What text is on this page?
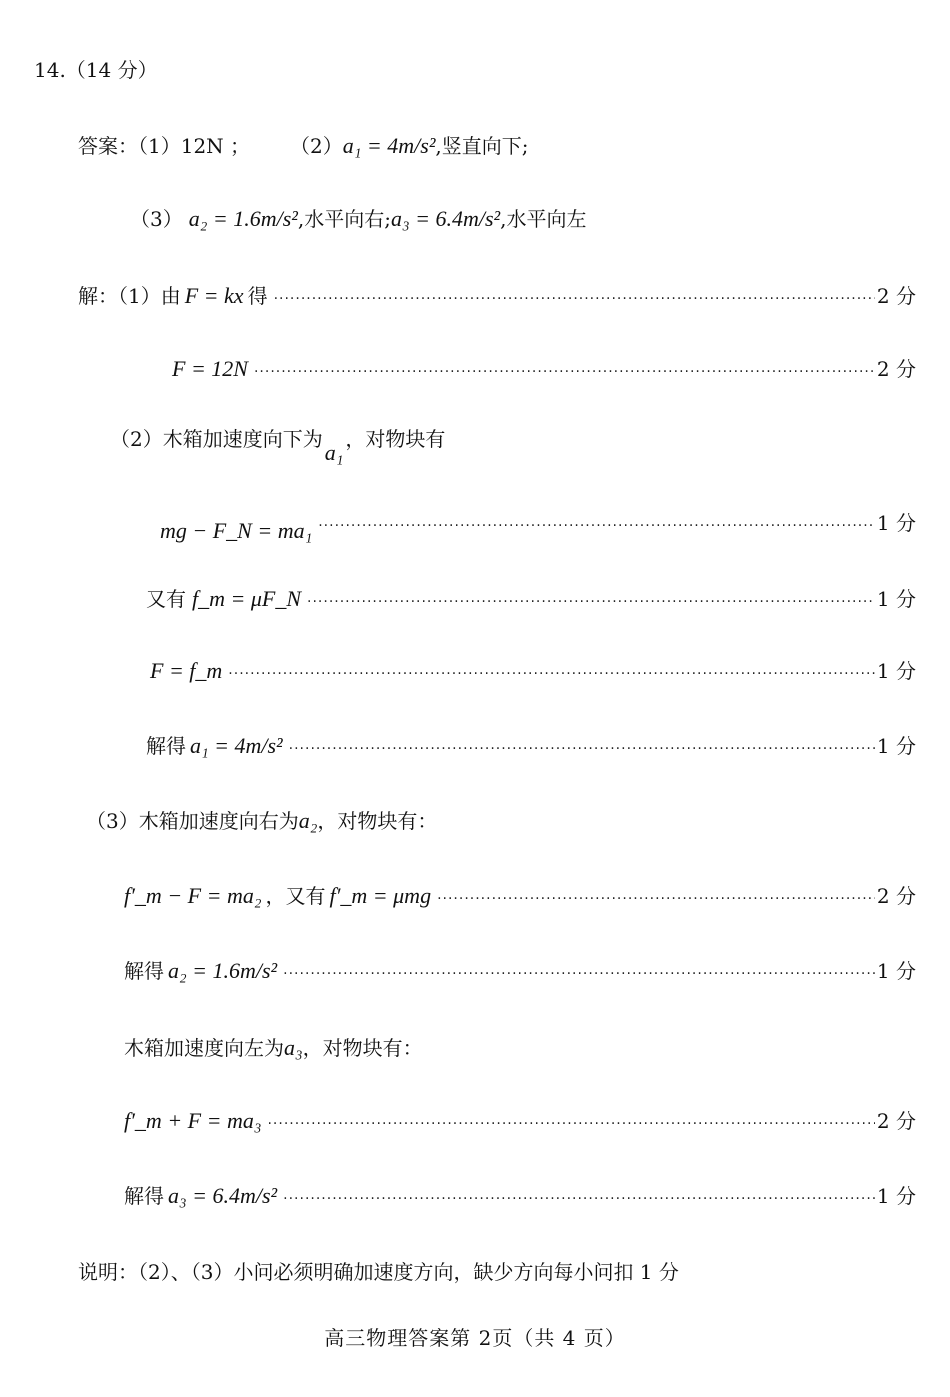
14.（14 分）
答案：（1）12N ； （2） a₁ = 4m/s² ,竖直向下;
（3） a₂ = 1.6m/s² ,水平向右; a₃ = 6.4m/s² ,水平向左
解：（1）由 F = kx 得 ·····	2 分
F = 12N ·····	2 分
（2）木箱加速度向下为
a₁
，对物块有
mg − F_N = ma₁ ·····	1 分
又有 f_m = μF_N ·····	1 分
F = f_m ·····	1 分
解得 a₁ = 4m/s² ·····	1 分
（3）木箱加速度向右为 a₂ ，对物块有：
f′_m − F = ma₂ ，又有 f′_m = μmg ·····	2 分
解得 a₂ = 1.6m/s² ·····	1 分
木箱加速度向左为 a₃ ，对物块有：
f′_m + F = ma₃ ·····	2 分
解得 a₃ = 6.4m/s² ·····	1 分
说明：（2）、（3）小问必须明确加速度方向，缺少方向每小问扣 1 分
高三物理答案第 2页（共 4 页）
